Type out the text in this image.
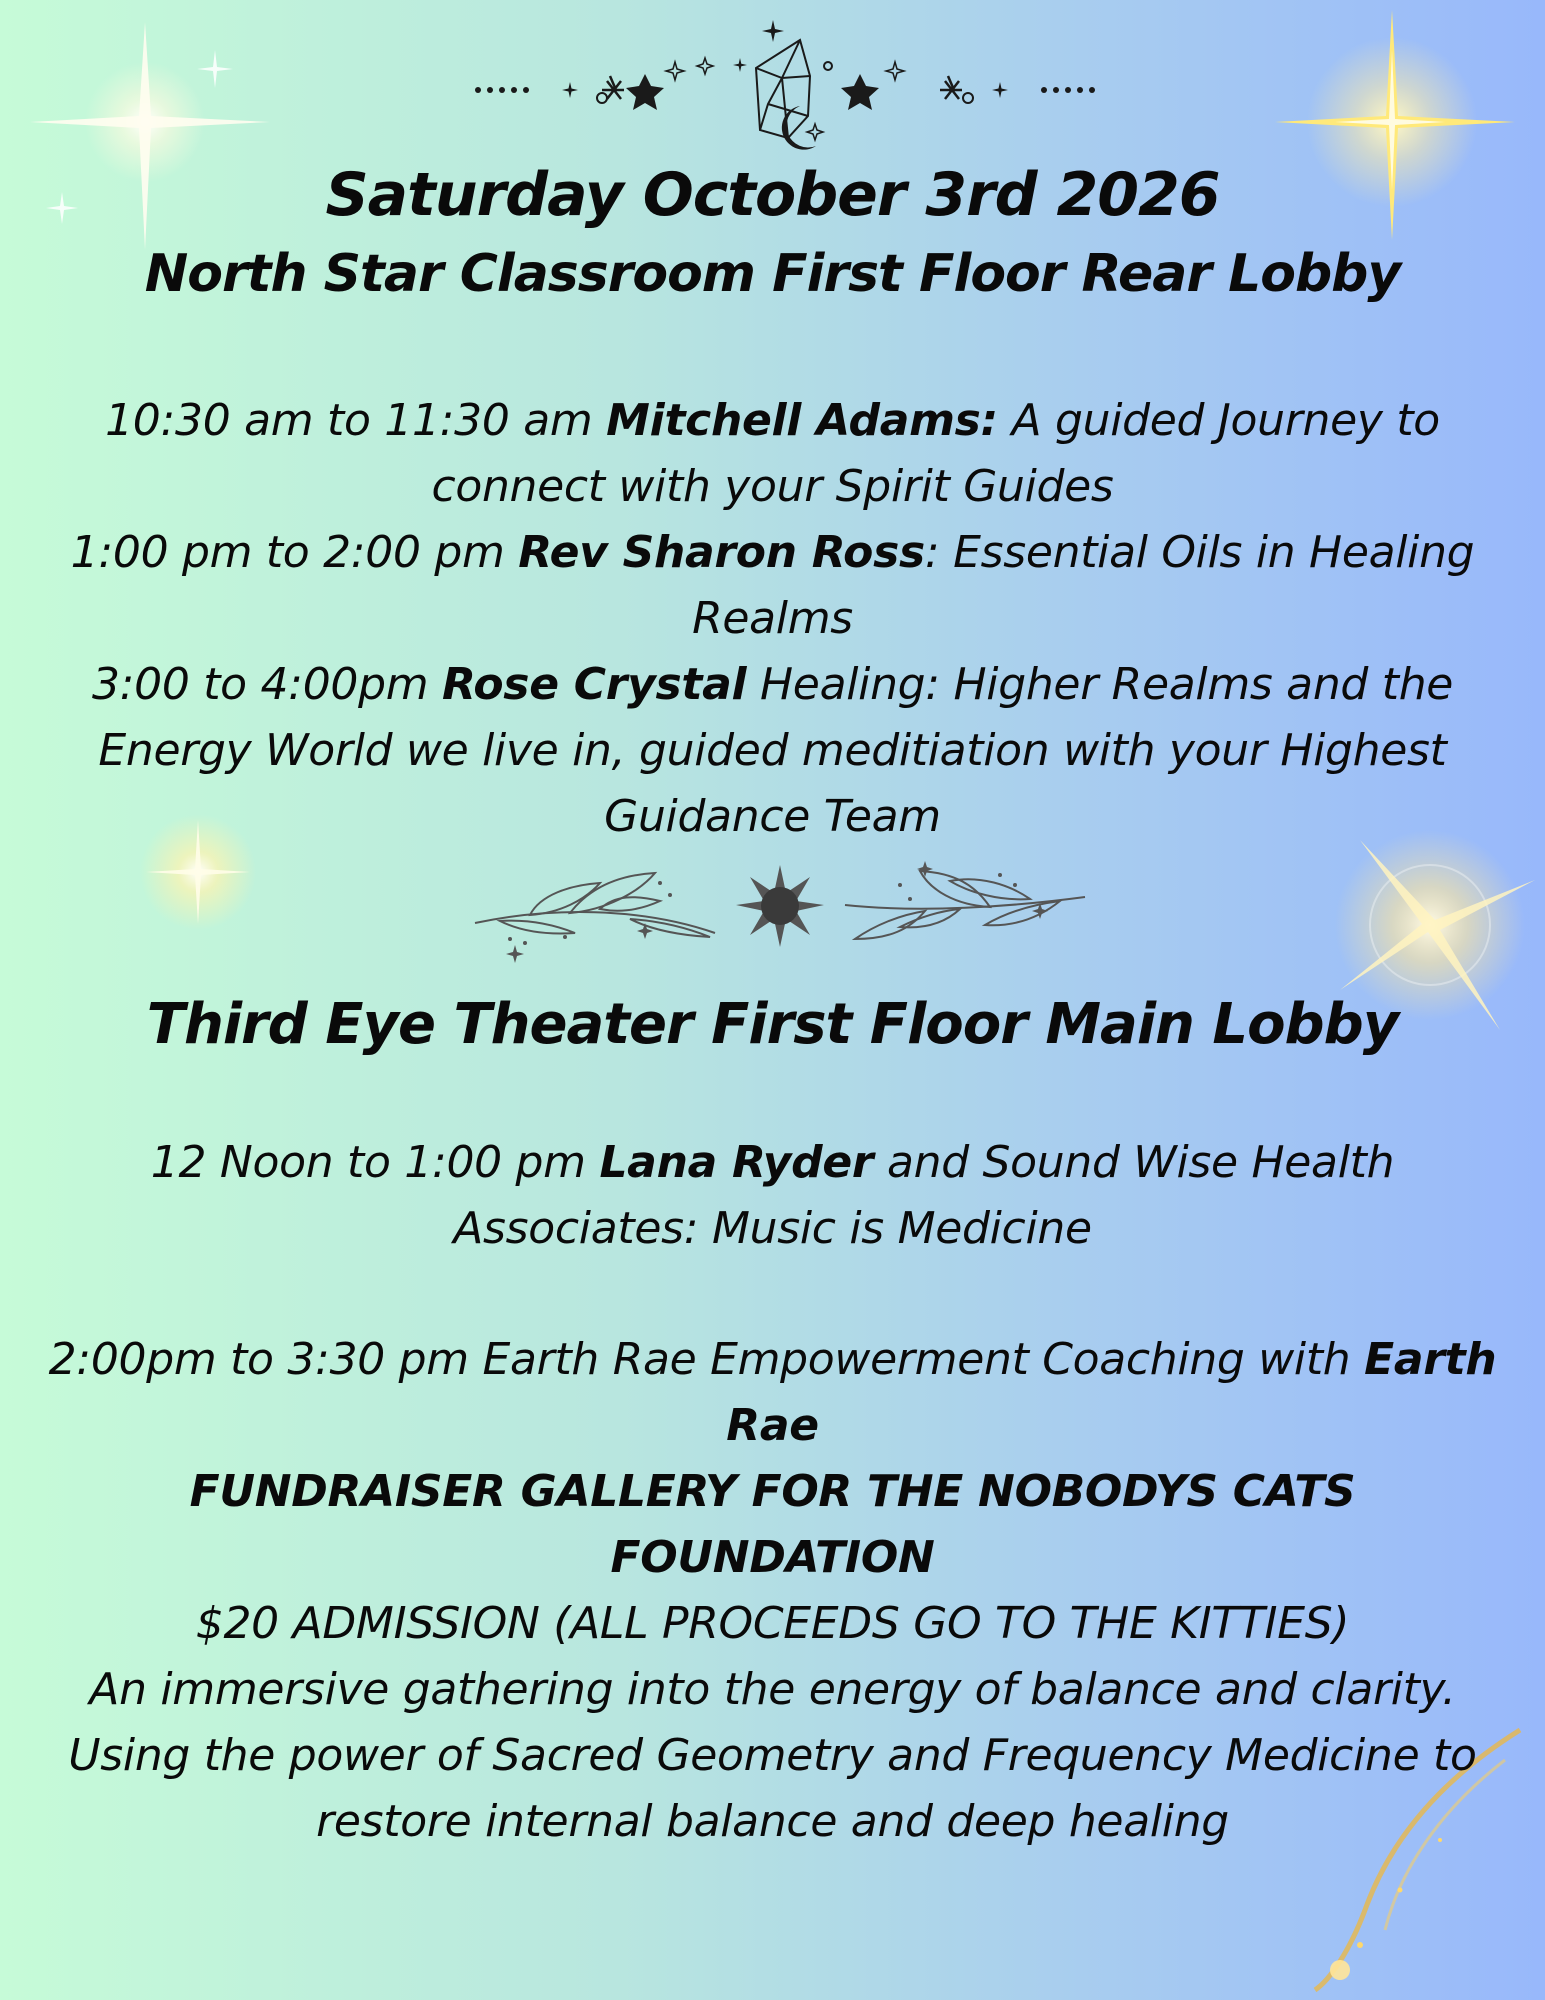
Saturday October 3rd 2026
North Star Classroom First Floor Rear Lobby

10:30 am to 11:30 am Mitchell Adams: A guided Journey to connect with your Spirit Guides

1:00 pm to 2:00 pm Rev Sharon Ross: Essential Oils in Healing Realms

3:00 to 4:00pm Rose Crystal Healing: Higher Realms and the Energy World we live in, guided meditiation with your Highest Guidance Team

Third Eye Theater First Floor Main Lobby

12 Noon to 1:00 pm Lana Ryder and Sound Wise Health Associates: Music is Medicine

2:00pm to 3:30 pm Earth Rae Empowerment Coaching with Earth Rae

FUNDRAISER GALLERY FOR THE NOBODYS CATS FOUNDATION

$20 ADMISSION (ALL PROCEEDS GO TO THE KITTIES)

An immersive gathering into the energy of balance and clarity. Using the power of Sacred Geometry and Frequency Medicine to restore internal balance and deep healing
